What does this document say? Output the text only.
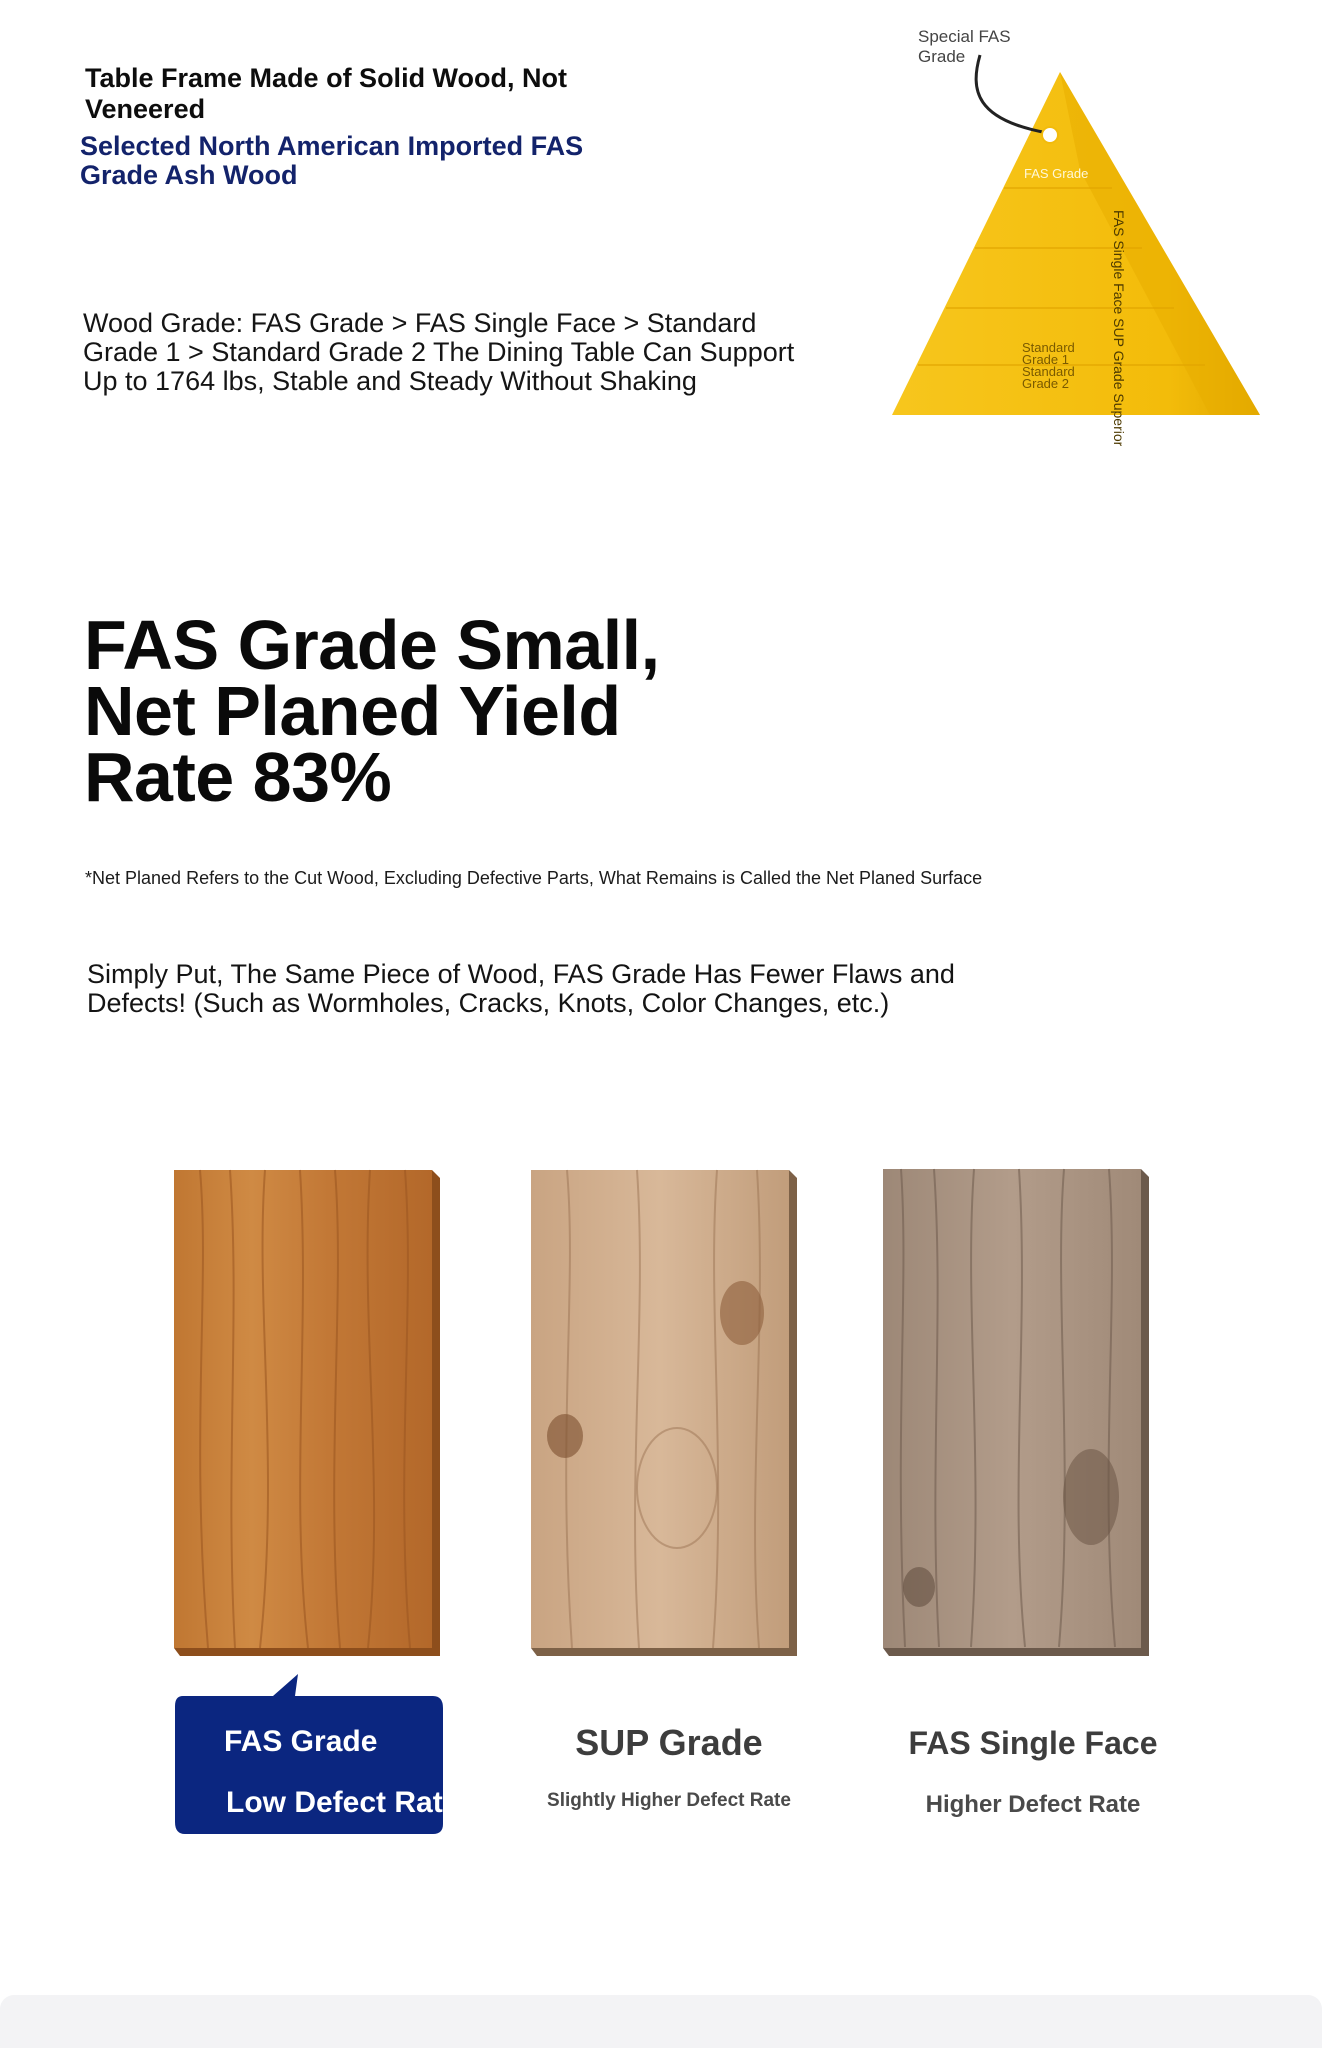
Table Frame Made of Solid Wood, Not Veneered
Selected North American Imported FAS Grade Ash Wood
Wood Grade: FAS Grade > FAS Single Face > Standard Grade 1 > Standard Grade 2 The Dining Table Can Support Up to 1764 lbs, Stable and Steady Without Shaking
Special FAS
Grade
FAS Grade
Standard
Grade 1
Standard
Grade 2	FAS Single Face SUP Grade Superior
FAS Grade Small,
Net Planed Yield
Rate 83%
*Net Planed Refers to the Cut Wood, Excluding Defective Parts, What Remains is Called the Net Planed Surface
Simply Put, The Same Piece of Wood, FAS Grade Has Fewer Flaws and Defects! (Such as Wormholes, Cracks, Knots, Color Changes, etc.)
FAS Grade
Low Defect Rate
SUP Grade
Slightly Higher Defect Rate
FAS Single Face
Higher Defect Rate
